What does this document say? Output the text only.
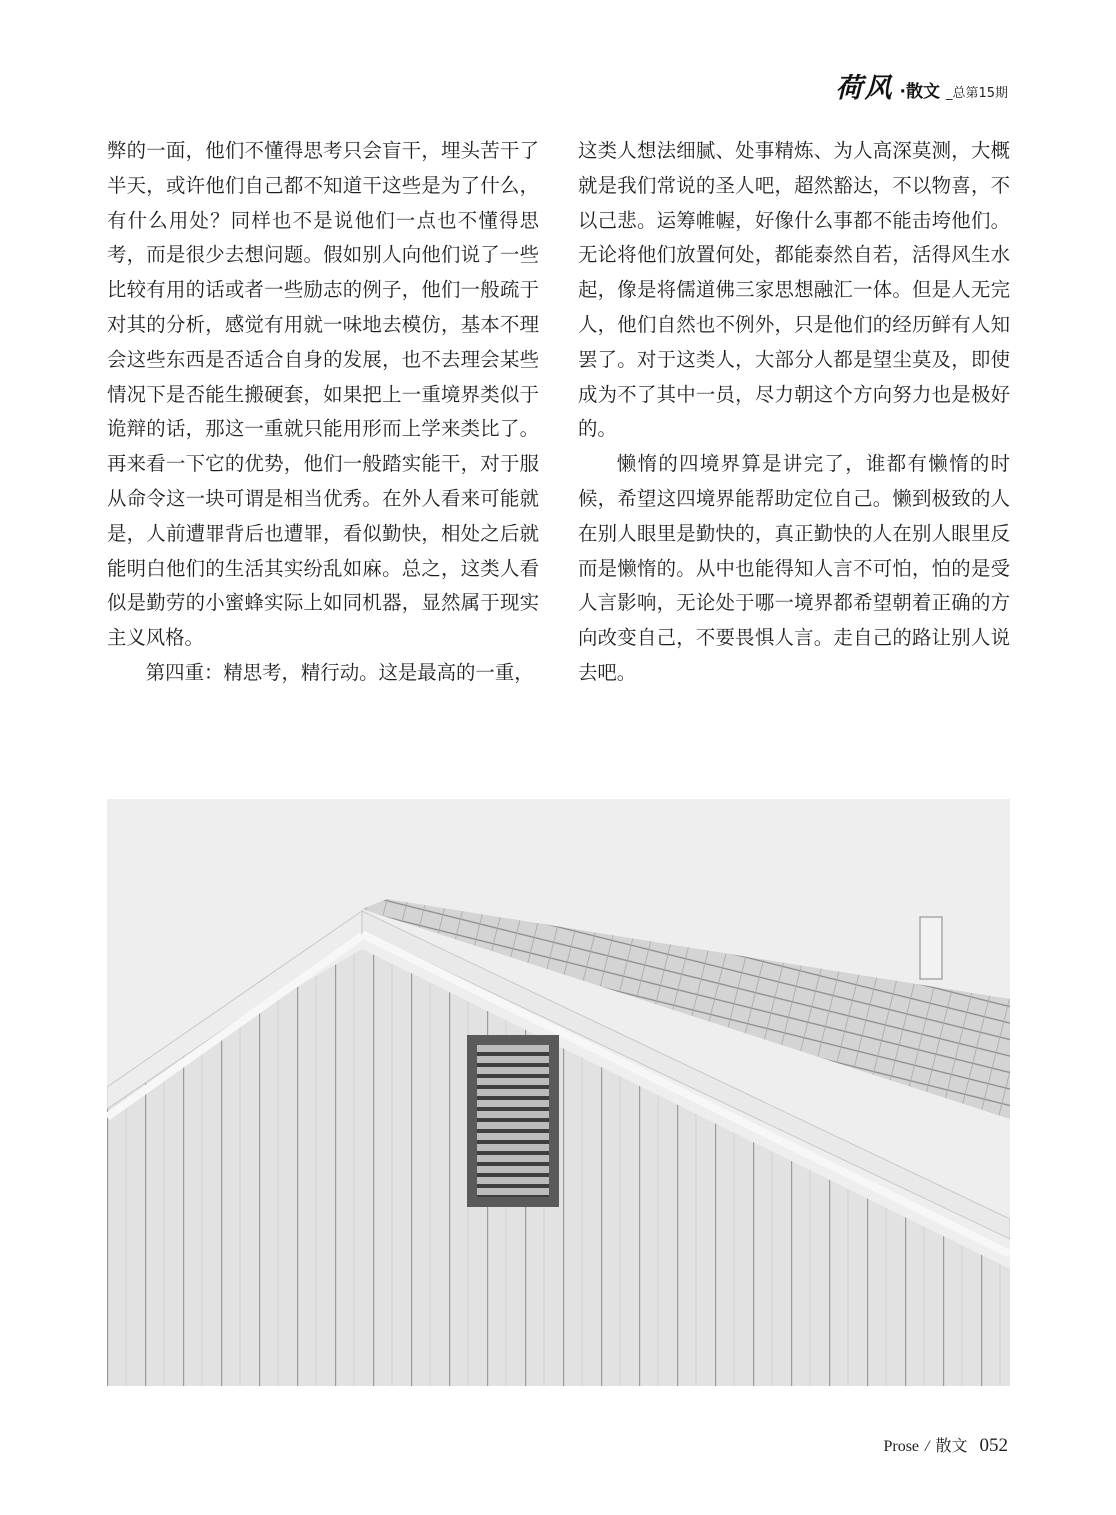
荷风 ·散文 _总第15期

弊的一面，他们不懂得思考只会盲干，埋头苦干了半天，或许他们自己都不知道干这些是为了什么，有什么用处？同样也不是说他们一点也不懂得思考，而是很少去想问题。假如别人向他们说了一些比较有用的话或者一些励志的例子，他们一般疏于对其的分析，感觉有用就一味地去模仿，基本不理会这些东西是否适合自身的发展，也不去理会某些情况下是否能生搬硬套，如果把上一重境界类似于诡辩的话，那这一重就只能用形而上学来类比了。再来看一下它的优势，他们一般踏实能干，对于服从命令这一块可谓是相当优秀。在外人看来可能就是，人前遭罪背后也遭罪，看似勤快，相处之后就能明白他们的生活其实纷乱如麻。总之，这类人看似是勤劳的小蜜蜂实际上如同机器，显然属于现实主义风格。

第四重：精思考，精行动。这是最高的一重，

这类人想法细腻、处事精炼、为人高深莫测，大概就是我们常说的圣人吧，超然豁达，不以物喜，不以己悲。运筹帷幄，好像什么事都不能击垮他们。无论将他们放置何处，都能泰然自若，活得风生水起，像是将儒道佛三家思想融汇一体。但是人无完人，他们自然也不例外，只是他们的经历鲜有人知罢了。对于这类人，大部分人都是望尘莫及，即使成为不了其中一员，尽力朝这个方向努力也是极好的。

懒惰的四境界算是讲完了，谁都有懒惰的时候，希望这四境界能帮助定位自己。懒到极致的人在别人眼里是勤快的，真正勤快的人在别人眼里反而是懒惰的。从中也能得知人言不可怕，怕的是受人言影响，无论处于哪一境界都希望朝着正确的方向改变自己，不要畏惧人言。走自己的路让别人说去吧。

Prose / 散文 052
